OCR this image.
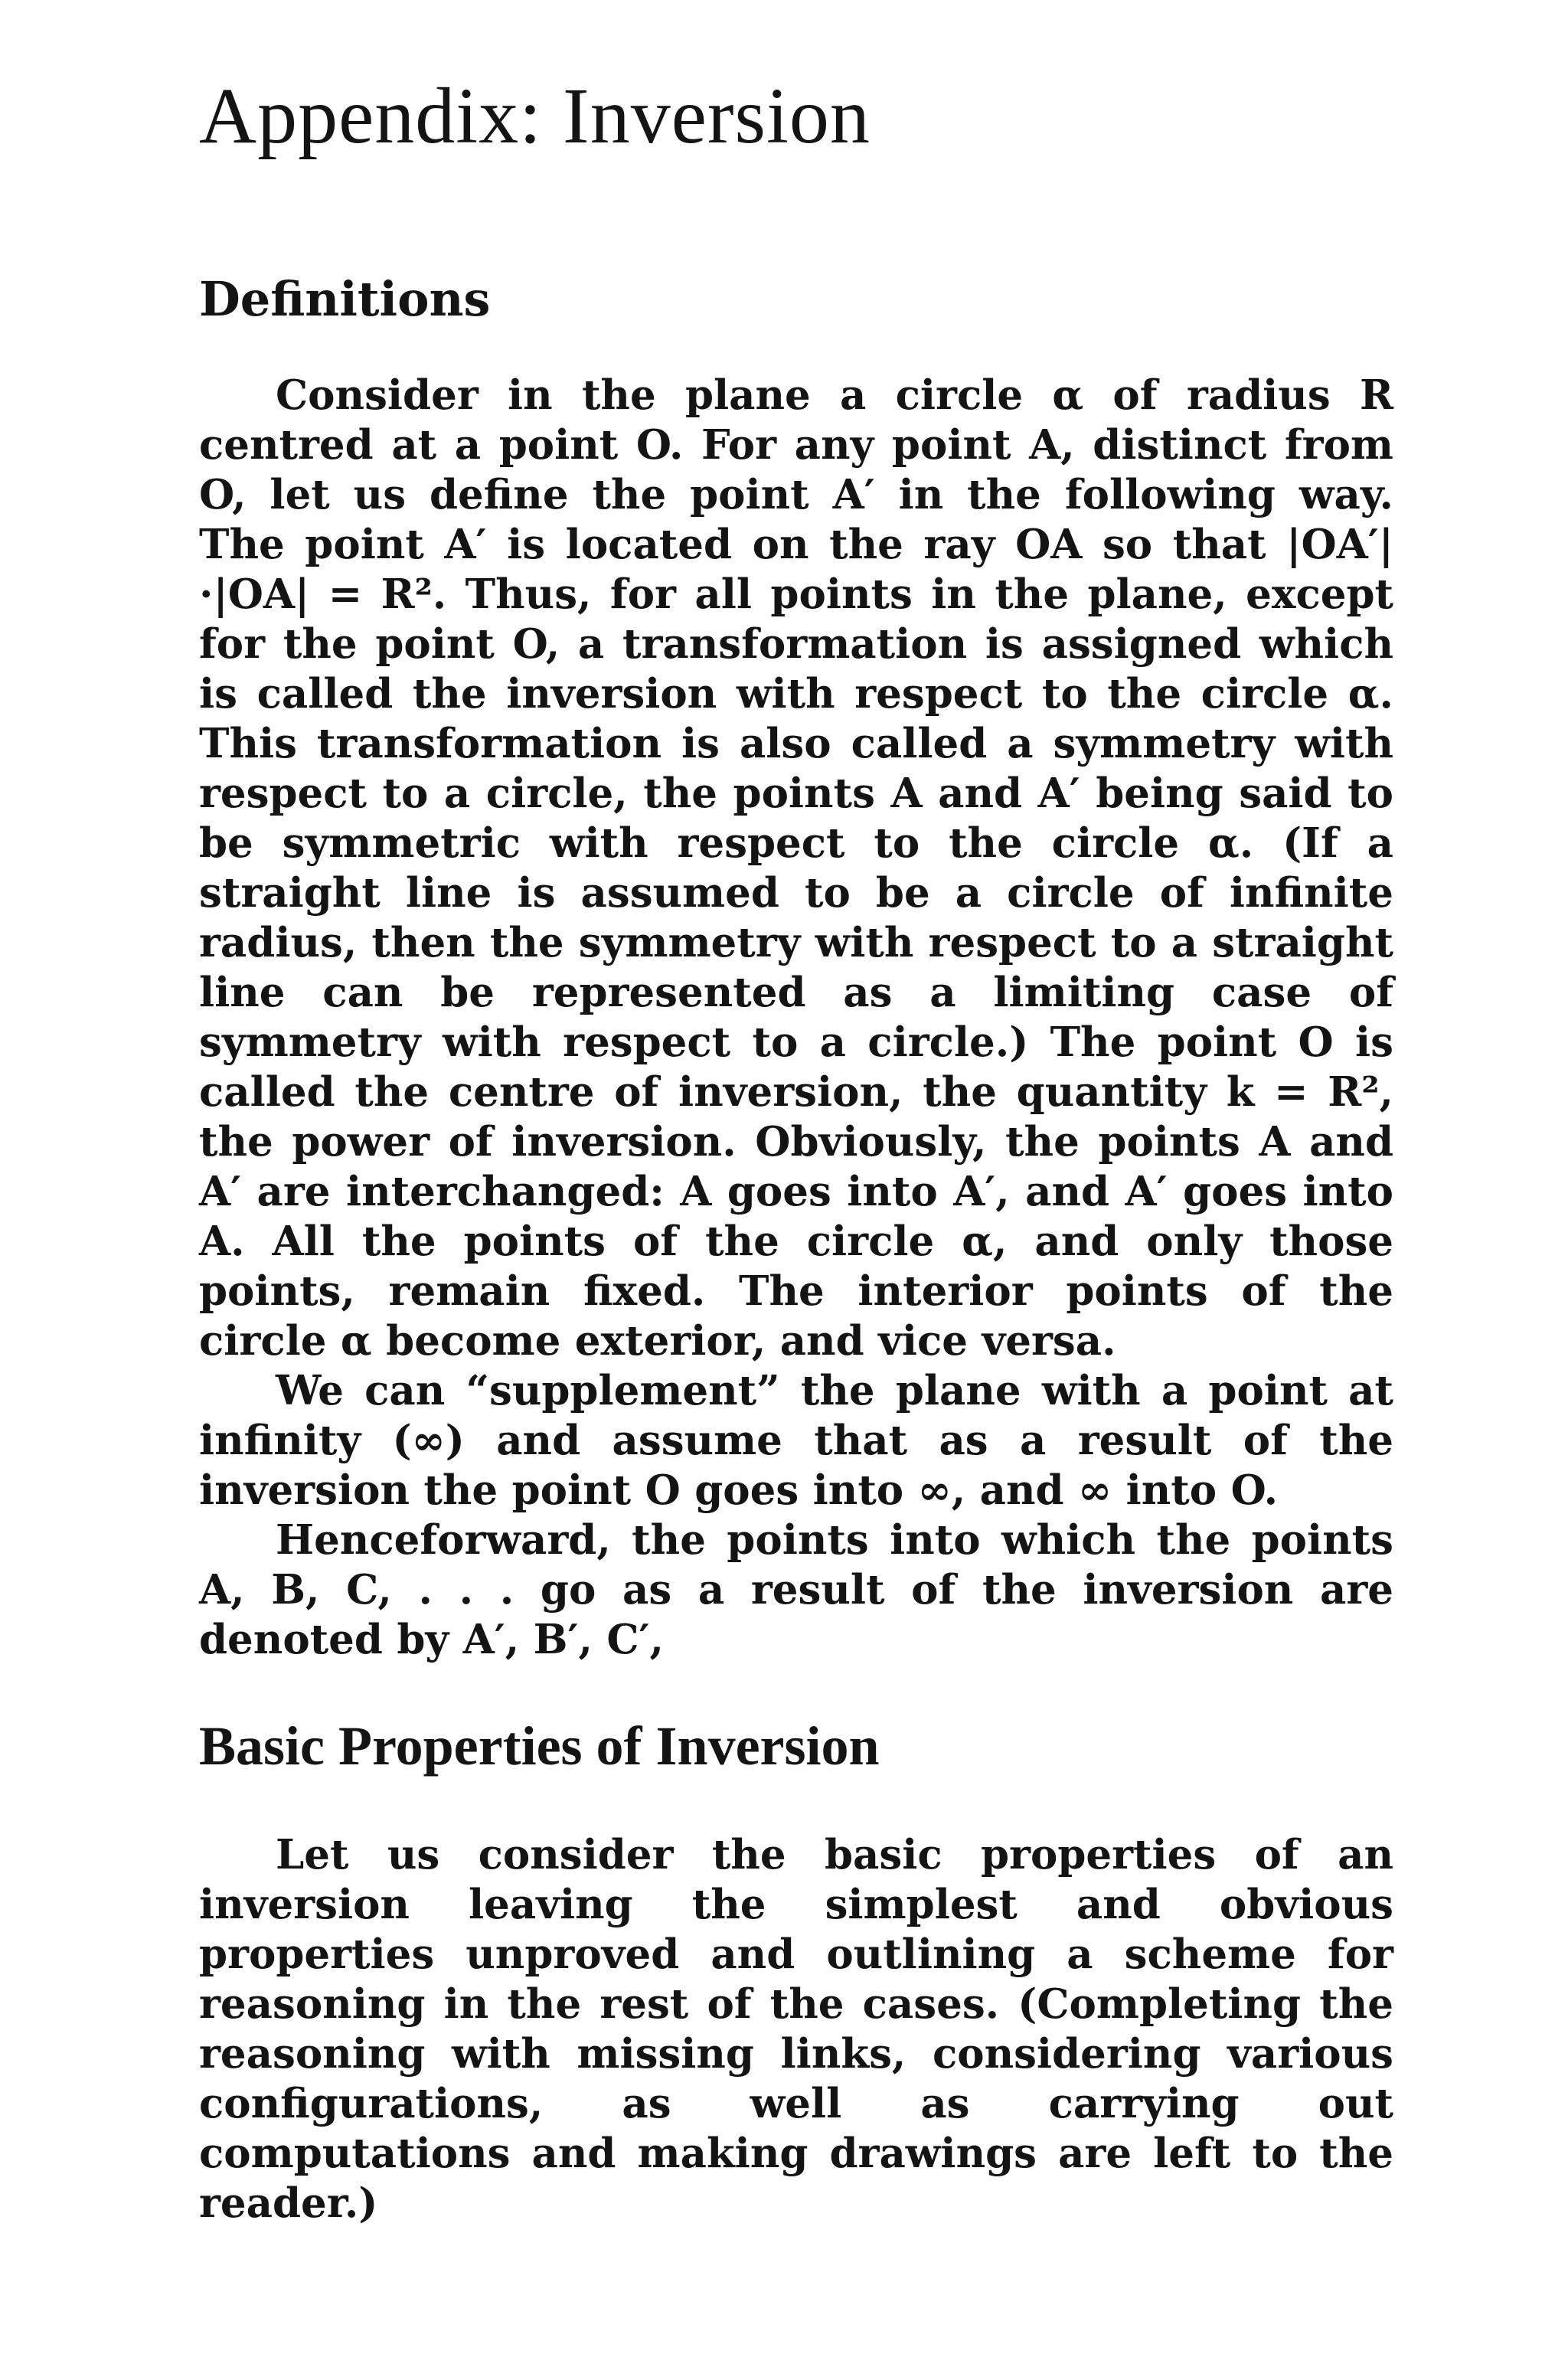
Appendix: Inversion
Definitions

Consider in the plane a circle α of radius R centred at a point O. For any point A, distinct from O, let us define the point A′ in the following way. The point A′ is located on the ray OA so that |OA′|·|OA| = R². Thus, for all points in the plane, except for the point O, a transformation is assigned which is called the inversion with respect to the circle α. This transformation is also called a symmetry with respect to a circle, the points A and A′ being said to be symmetric with respect to the circle α. (If a straight line is assumed to be a circle of infinite radius, then the symmetry with respect to a straight line can be represented as a limiting case of symmetry with respect to a circle.) The point O is called the centre of inversion, the quantity k = R², the power of inversion. Obviously, the points A and A′ are interchanged: A goes into A′, and A′ goes into A. All the points of the circle α, and only those points, remain fixed. The interior points of the circle α become exterior, and vice versa.

We can “supplement” the plane with a point at infinity (∞) and assume that as a result of the inversion the point O goes into ∞, and ∞ into O.

Henceforward, the points into which the points A, B, C, . . . go as a result of the inversion are denoted by A′, B′, C′,

Basic Properties of Inversion

Let us consider the basic properties of an inversion leaving the simplest and obvious properties unproved and outlining a scheme for reasoning in the rest of the cases. (Completing the reasoning with missing links, considering various configurations, as well as carrying out computations and making drawings are left to the reader.)
